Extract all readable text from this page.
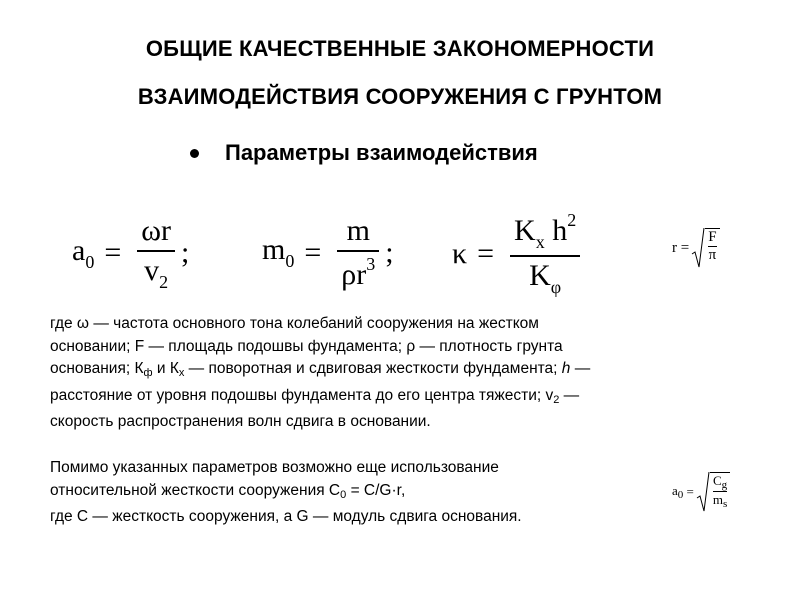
ОБЩИЕ КАЧЕСТВЕННЫЕ ЗАКОНОМЕРНОСТИ
ВЗАИМОДЕЙСТВИЯ СООРУЖЕНИЯ С ГРУНТОМ
Параметры взаимодействия
$a_0 = \frac{\omega r}{v_2}$ ; $m_0 = \frac{m}{\rho r^3}$ ; $\kappa = \frac{K_x h^2}{K_\varphi}$	r
=
F
π
$a_0$
=
$C_g$
$m_s$
где ω — частота основного тона колебаний сооружения на жестком
основании; F — площадь подошвы фундамента; ρ — плотность грунта
основания; Кф и Кх — поворотная и сдвиговая жесткости фундамента; h —
расстояние от уровня подошвы фундамента до его центра тяжести; v2 —
скорость распространения волн сдвига в основании.
Помимо указанных параметров возможно еще использование
относительной жесткости сооружения С0 = С/G·r,
где С — жесткость сооружения, а G — модуль сдвига основания.
